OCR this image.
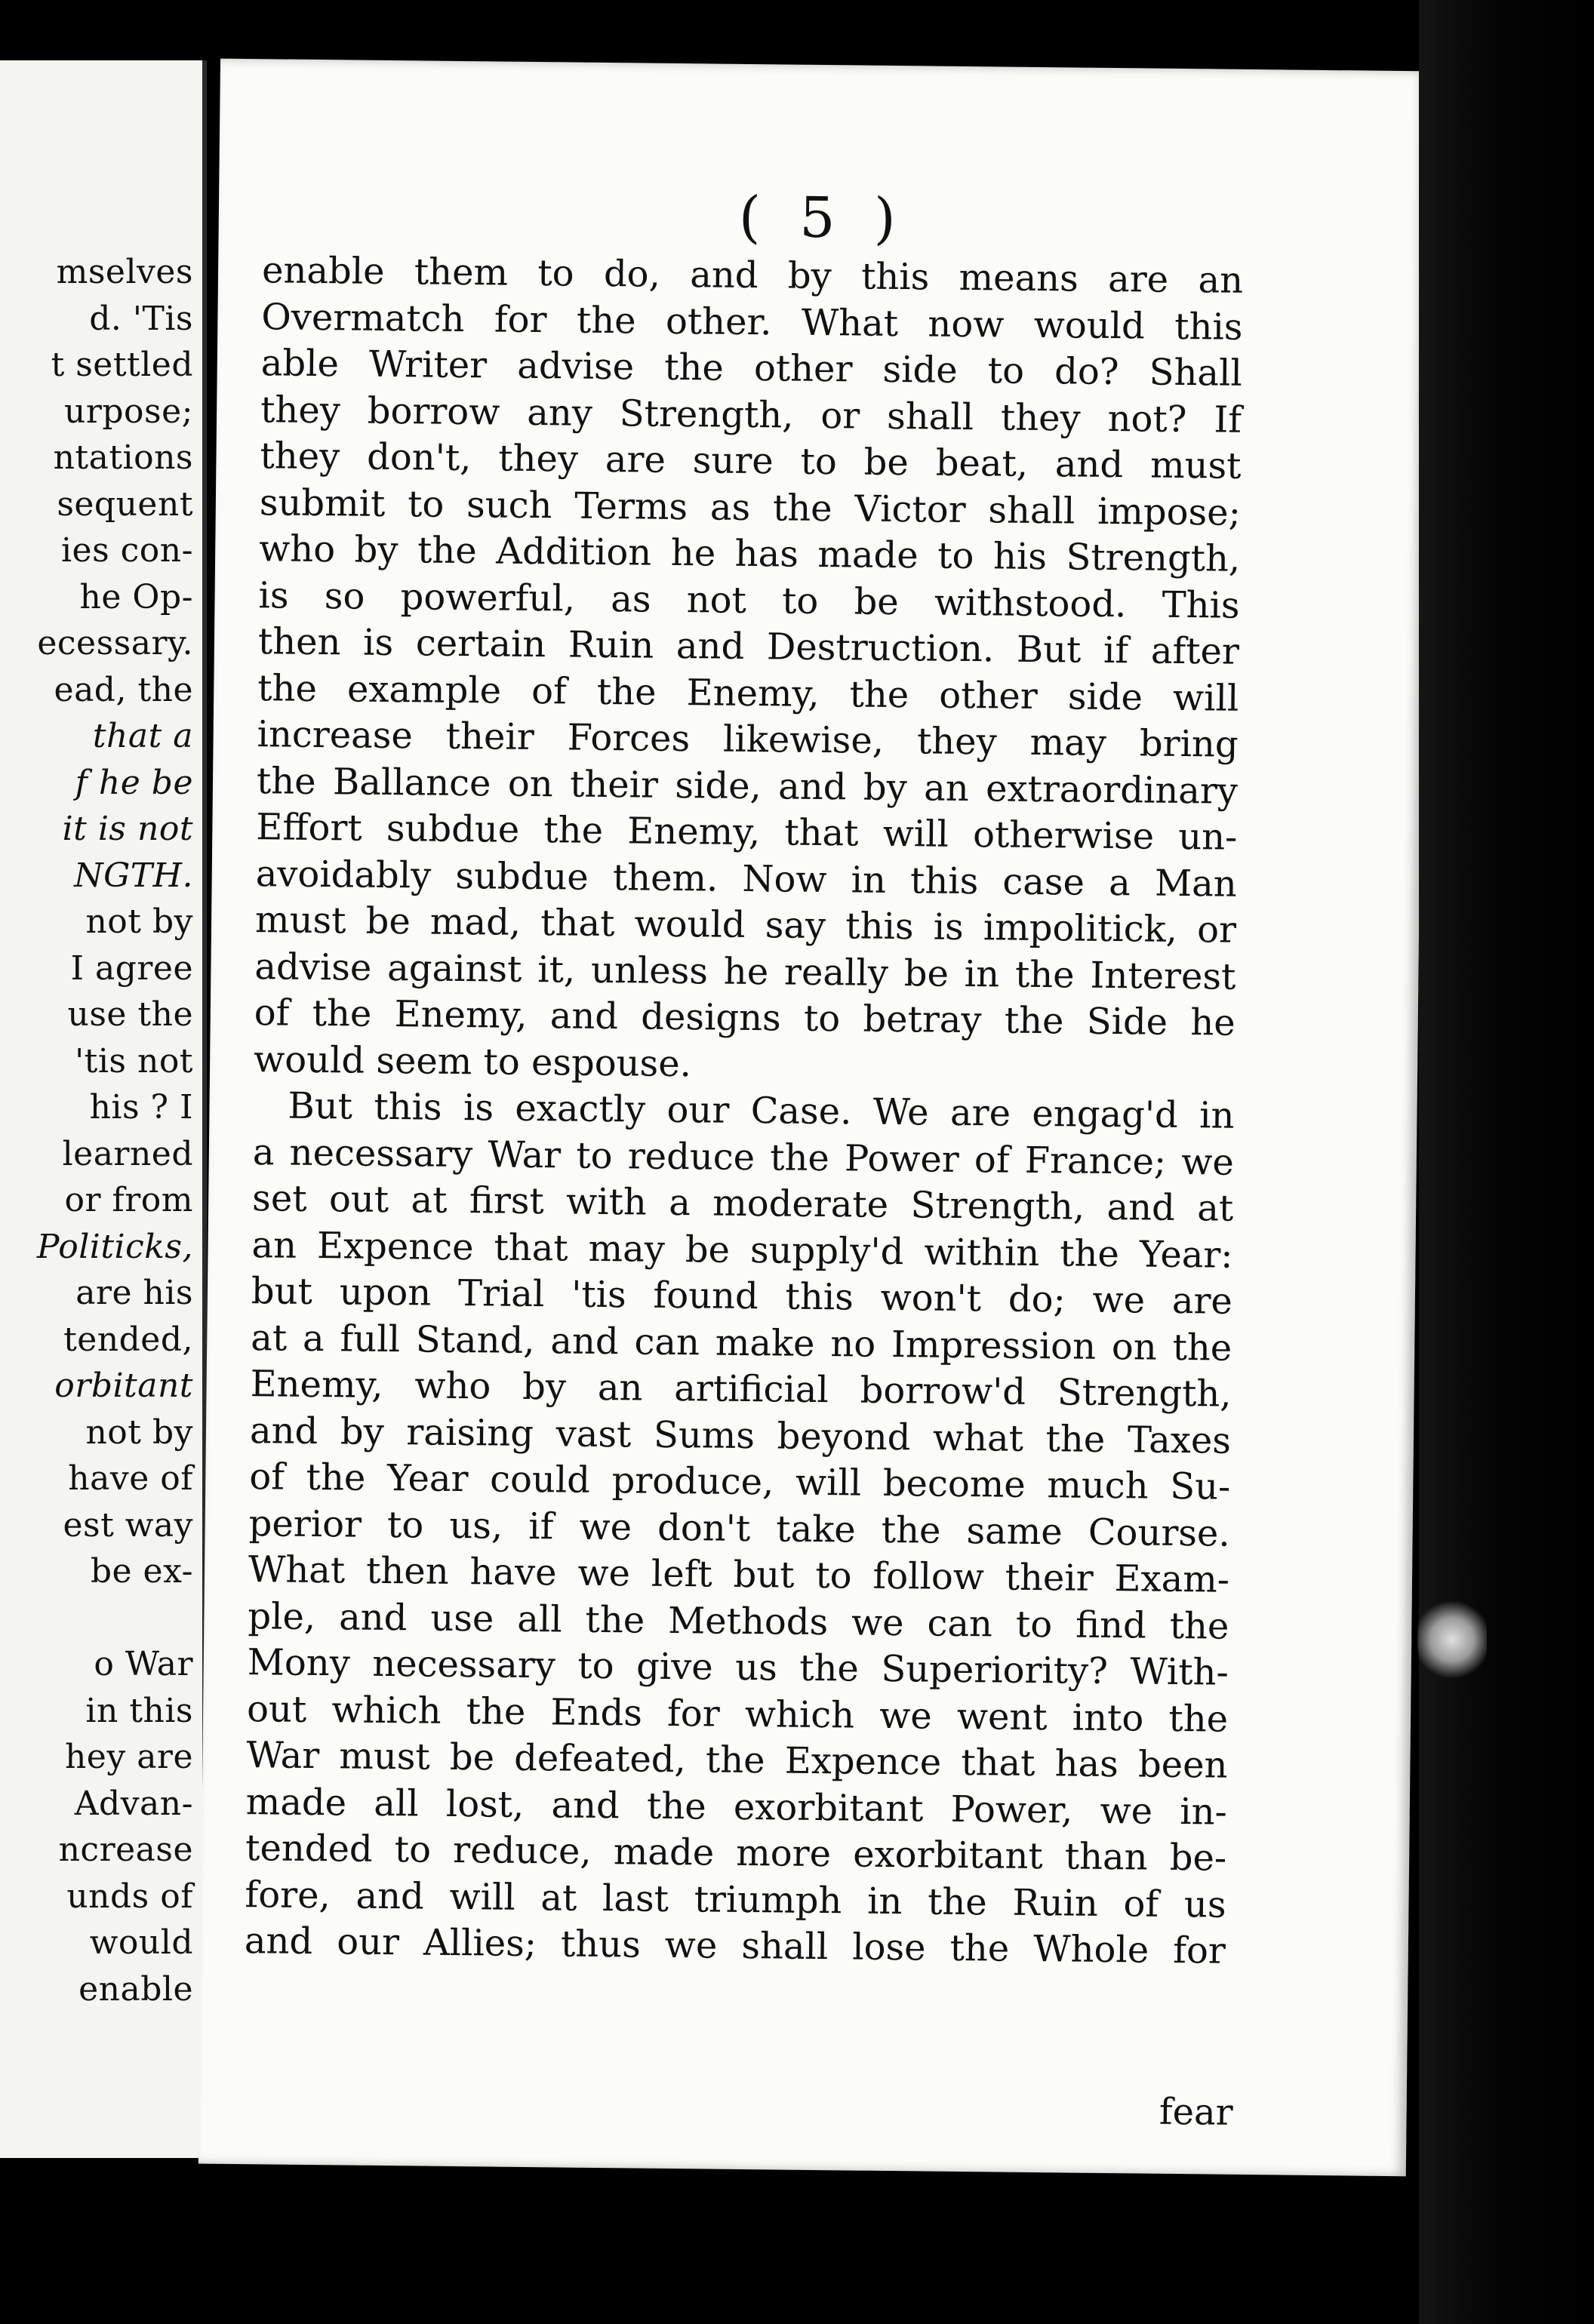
mselves
d. 'Tis
t settled
urpose;
ntations
sequent
ies con-
he Op-
ecessary.
ead, the
that a
f he be
it is not
NGTH.
not by
I agree
use the
'tis not
his ? I
learned
or from
Politicks,
are his
tended,
orbitant
not by
have of
est way
be ex-
o War
in this
hey are
Advan-
ncrease
unds of
would
enable
( 5 )
enable them to do, and by this means are an
Overmatch for the other. What now would this
able Writer advise the other side to do? Shall
they borrow any Strength, or shall they not? If
they don't, they are sure to be beat, and must
submit to such Terms as the Victor shall impose;
who by the Addition he has made to his Strength,
is so powerful, as not to be withstood. This
then is certain Ruin and Destruction. But if after
the example of the Enemy, the other side will
increase their Forces likewise, they may bring
the Ballance on their side, and by an extraordinary
Effort subdue the Enemy, that will otherwise un-
avoidably subdue them. Now in this case a Man
must be mad, that would say this is impolitick, or
advise against it, unless he really be in the Interest
of the Enemy, and designs to betray the Side he
would seem to espouse.
But this is exactly our Case. We are engag'd in
a necessary War to reduce the Power of France; we
set out at first with a moderate Strength, and at
an Expence that may be supply'd within the Year:
but upon Trial 'tis found this won't do; we are
at a full Stand, and can make no Impression on the
Enemy, who by an artificial borrow'd Strength,
and by raising vast Sums beyond what the Taxes
of the Year could produce, will become much Su-
perior to us, if we don't take the same Course.
What then have we left but to follow their Exam-
ple, and use all the Methods we can to find the
Mony necessary to give us the Superiority? With-
out which the Ends for which we went into the
War must be defeated, the Expence that has been
made all lost, and the exorbitant Power, we in-
tended to reduce, made more exorbitant than be-
fore, and will at last triumph in the Ruin of us
and our Allies; thus we shall lose the Whole for
fear
